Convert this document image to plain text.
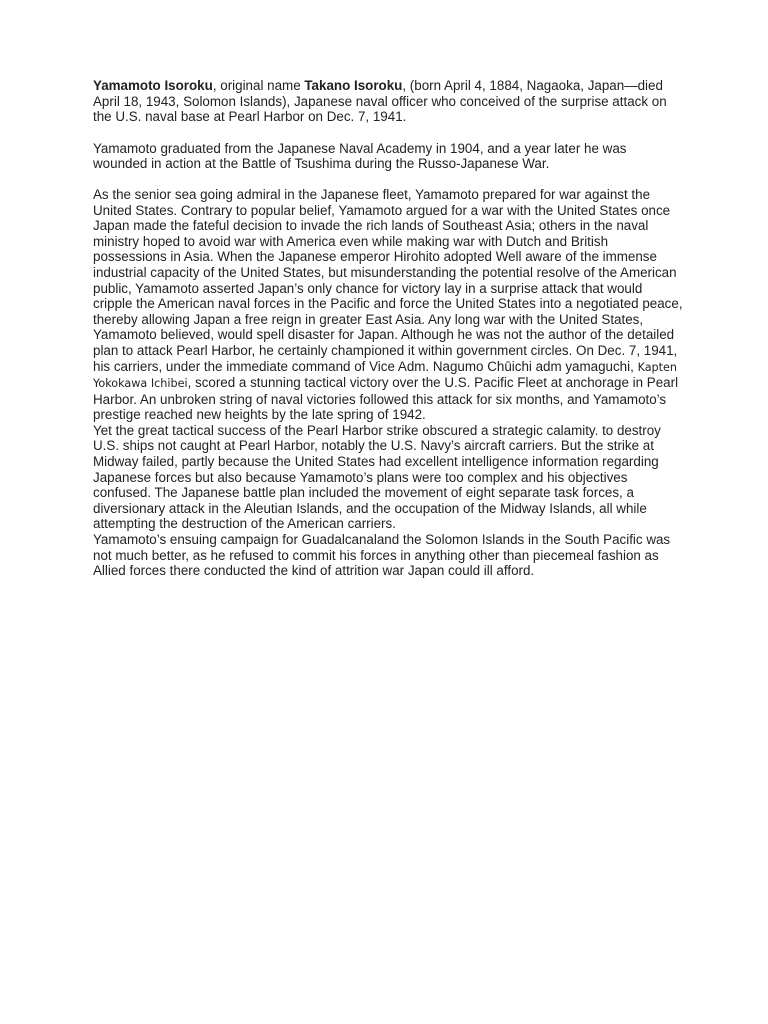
Yamamoto Isoroku, original name Takano Isoroku, (born April 4, 1884, Nagaoka, Japan—died April 18, 1943, Solomon Islands), Japanese naval officer who conceived of the surprise attack on the U.S. naval base at Pearl Harbor on Dec. 7, 1941.

Yamamoto graduated from the Japanese Naval Academy in 1904, and a year later he was wounded in action at the Battle of Tsushima during the Russo-Japanese War.

As the senior sea going admiral in the Japanese fleet, Yamamoto prepared for war against the United States. Contrary to popular belief, Yamamoto argued for a war with the United States once Japan made the fateful decision to invade the rich lands of Southeast Asia; others in the naval ministry hoped to avoid war with America even while making war with Dutch and British possessions in Asia. When the Japanese emperor Hirohito adopted Well aware of the immense industrial capacity of the United States, but misunderstanding the potential resolve of the American public, Yamamoto asserted Japan’s only chance for victory lay in a surprise attack that would cripple the American naval forces in the Pacific and force the United States into a negotiated peace, thereby allowing Japan a free reign in greater East Asia. Any long war with the United States, Yamamoto believed, would spell disaster for Japan. Although he was not the author of the detailed plan to attack Pearl Harbor, he certainly championed it within government circles. On Dec. 7, 1941, his carriers, under the immediate command of Vice Adm. Nagumo Chūichi adm yamaguchi, Kapten Yokokawa Ichibei, scored a stunning tactical victory over the U.S. Pacific Fleet at anchorage in Pearl Harbor. An unbroken string of naval victories followed this attack for six months, and Yamamoto’s prestige reached new heights by the late spring of 1942.

Yet the great tactical success of the Pearl Harbor strike obscured a strategic calamity. to destroy U.S. ships not caught at Pearl Harbor, notably the U.S. Navy’s aircraft carriers. But the strike at Midway failed, partly because the United States had excellent intelligence information regarding Japanese forces but also because Yamamoto’s plans were too complex and his objectives confused. The Japanese battle plan included the movement of eight separate task forces, a diversionary attack in the Aleutian Islands, and the occupation of the Midway Islands, all while attempting the destruction of the American carriers.

Yamamoto’s ensuing campaign for Guadalcanaland the Solomon Islands in the South Pacific was not much better, as he refused to commit his forces in anything other than piecemeal fashion as Allied forces there conducted the kind of attrition war Japan could ill afford.
